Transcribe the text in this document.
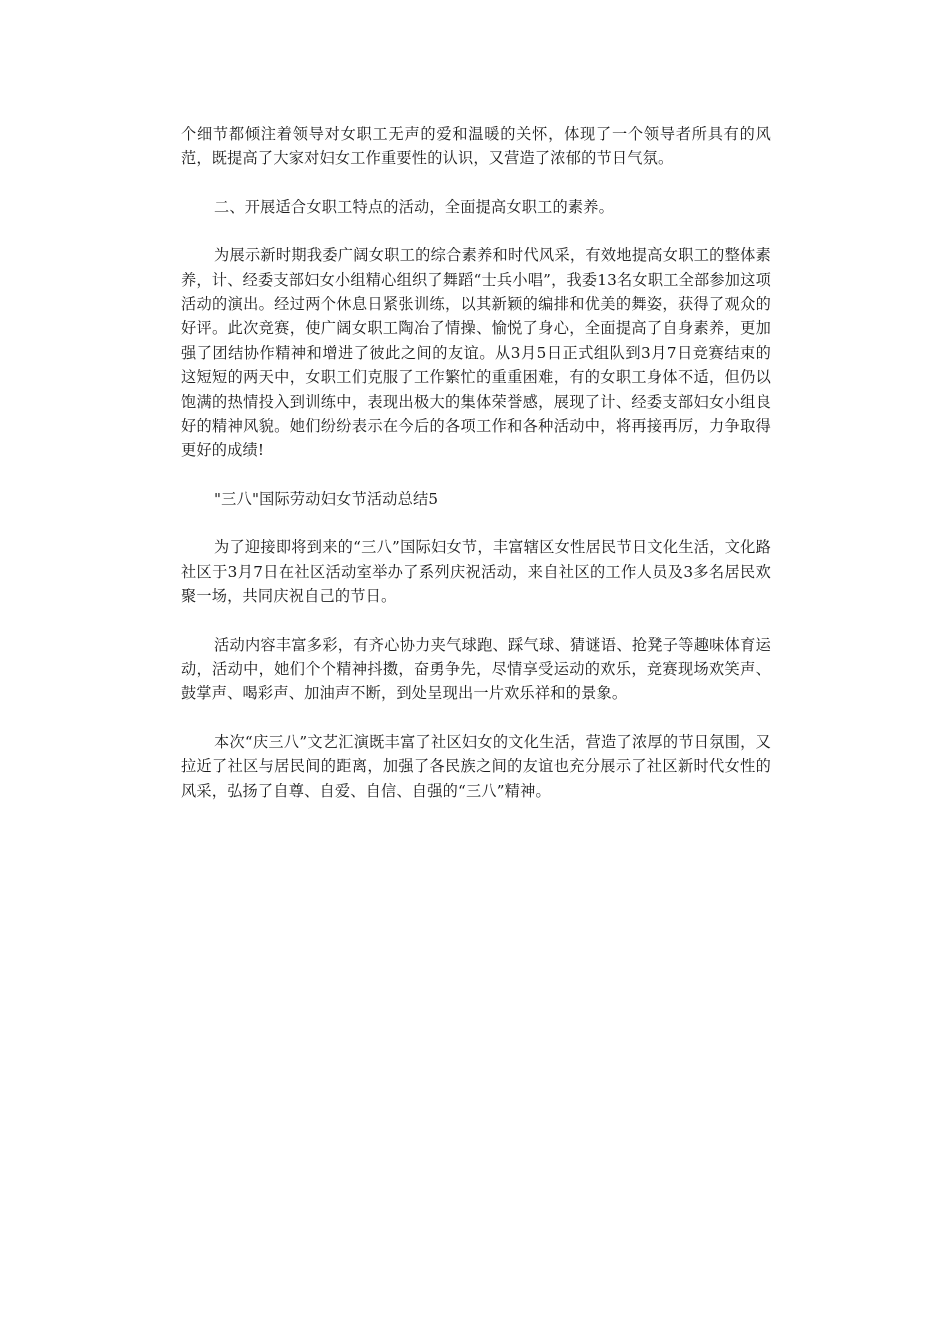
个细节都倾注着领导对女职工无声的爱和温暖的关怀，体现了一个领导者所具有的风范，既提高了大家对妇女工作重要性的认识，又营造了浓郁的节日气氛。

二、开展适合女职工特点的活动，全面提高女职工的素养。

为展示新时期我委广阔女职工的综合素养和时代风采，有效地提高女职工的整体素养，计、经委支部妇女小组精心组织了舞蹈“士兵小唱”，我委13名女职工全部参加这项活动的演出。经过两个休息日紧张训练，以其新颖的编排和优美的舞姿，获得了观众的好评。此次竞赛，使广阔女职工陶冶了情操、愉悦了身心，全面提高了自身素养，更加强了团结协作精神和增进了彼此之间的友谊。从3月5日正式组队到3月7日竞赛结束的这短短的两天中，女职工们克服了工作繁忙的重重困难，有的女职工身体不适，但仍以饱满的热情投入到训练中，表现出极大的集体荣誉感，展现了计、经委支部妇女小组良好的精神风貌。她们纷纷表示在今后的各项工作和各种活动中，将再接再厉，力争取得更好的成绩!

"三八"国际劳动妇女节活动总结5

为了迎接即将到来的“三八”国际妇女节，丰富辖区女性居民节日文化生活，文化路社区于3月7日在社区活动室举办了系列庆祝活动，来自社区的工作人员及3多名居民欢聚一场，共同庆祝自己的节日。

活动内容丰富多彩，有齐心协力夹气球跑、踩气球、猜谜语、抢凳子等趣味体育运动，活动中，她们个个精神抖擞，奋勇争先，尽情享受运动的欢乐，竞赛现场欢笑声、鼓掌声、喝彩声、加油声不断，到处呈现出一片欢乐祥和的景象。

本次“庆三八”文艺汇演既丰富了社区妇女的文化生活，营造了浓厚的节日氛围，又拉近了社区与居民间的距离，加强了各民族之间的友谊也充分展示了社区新时代女性的风采，弘扬了自尊、自爱、自信、自强的“三八”精神。
